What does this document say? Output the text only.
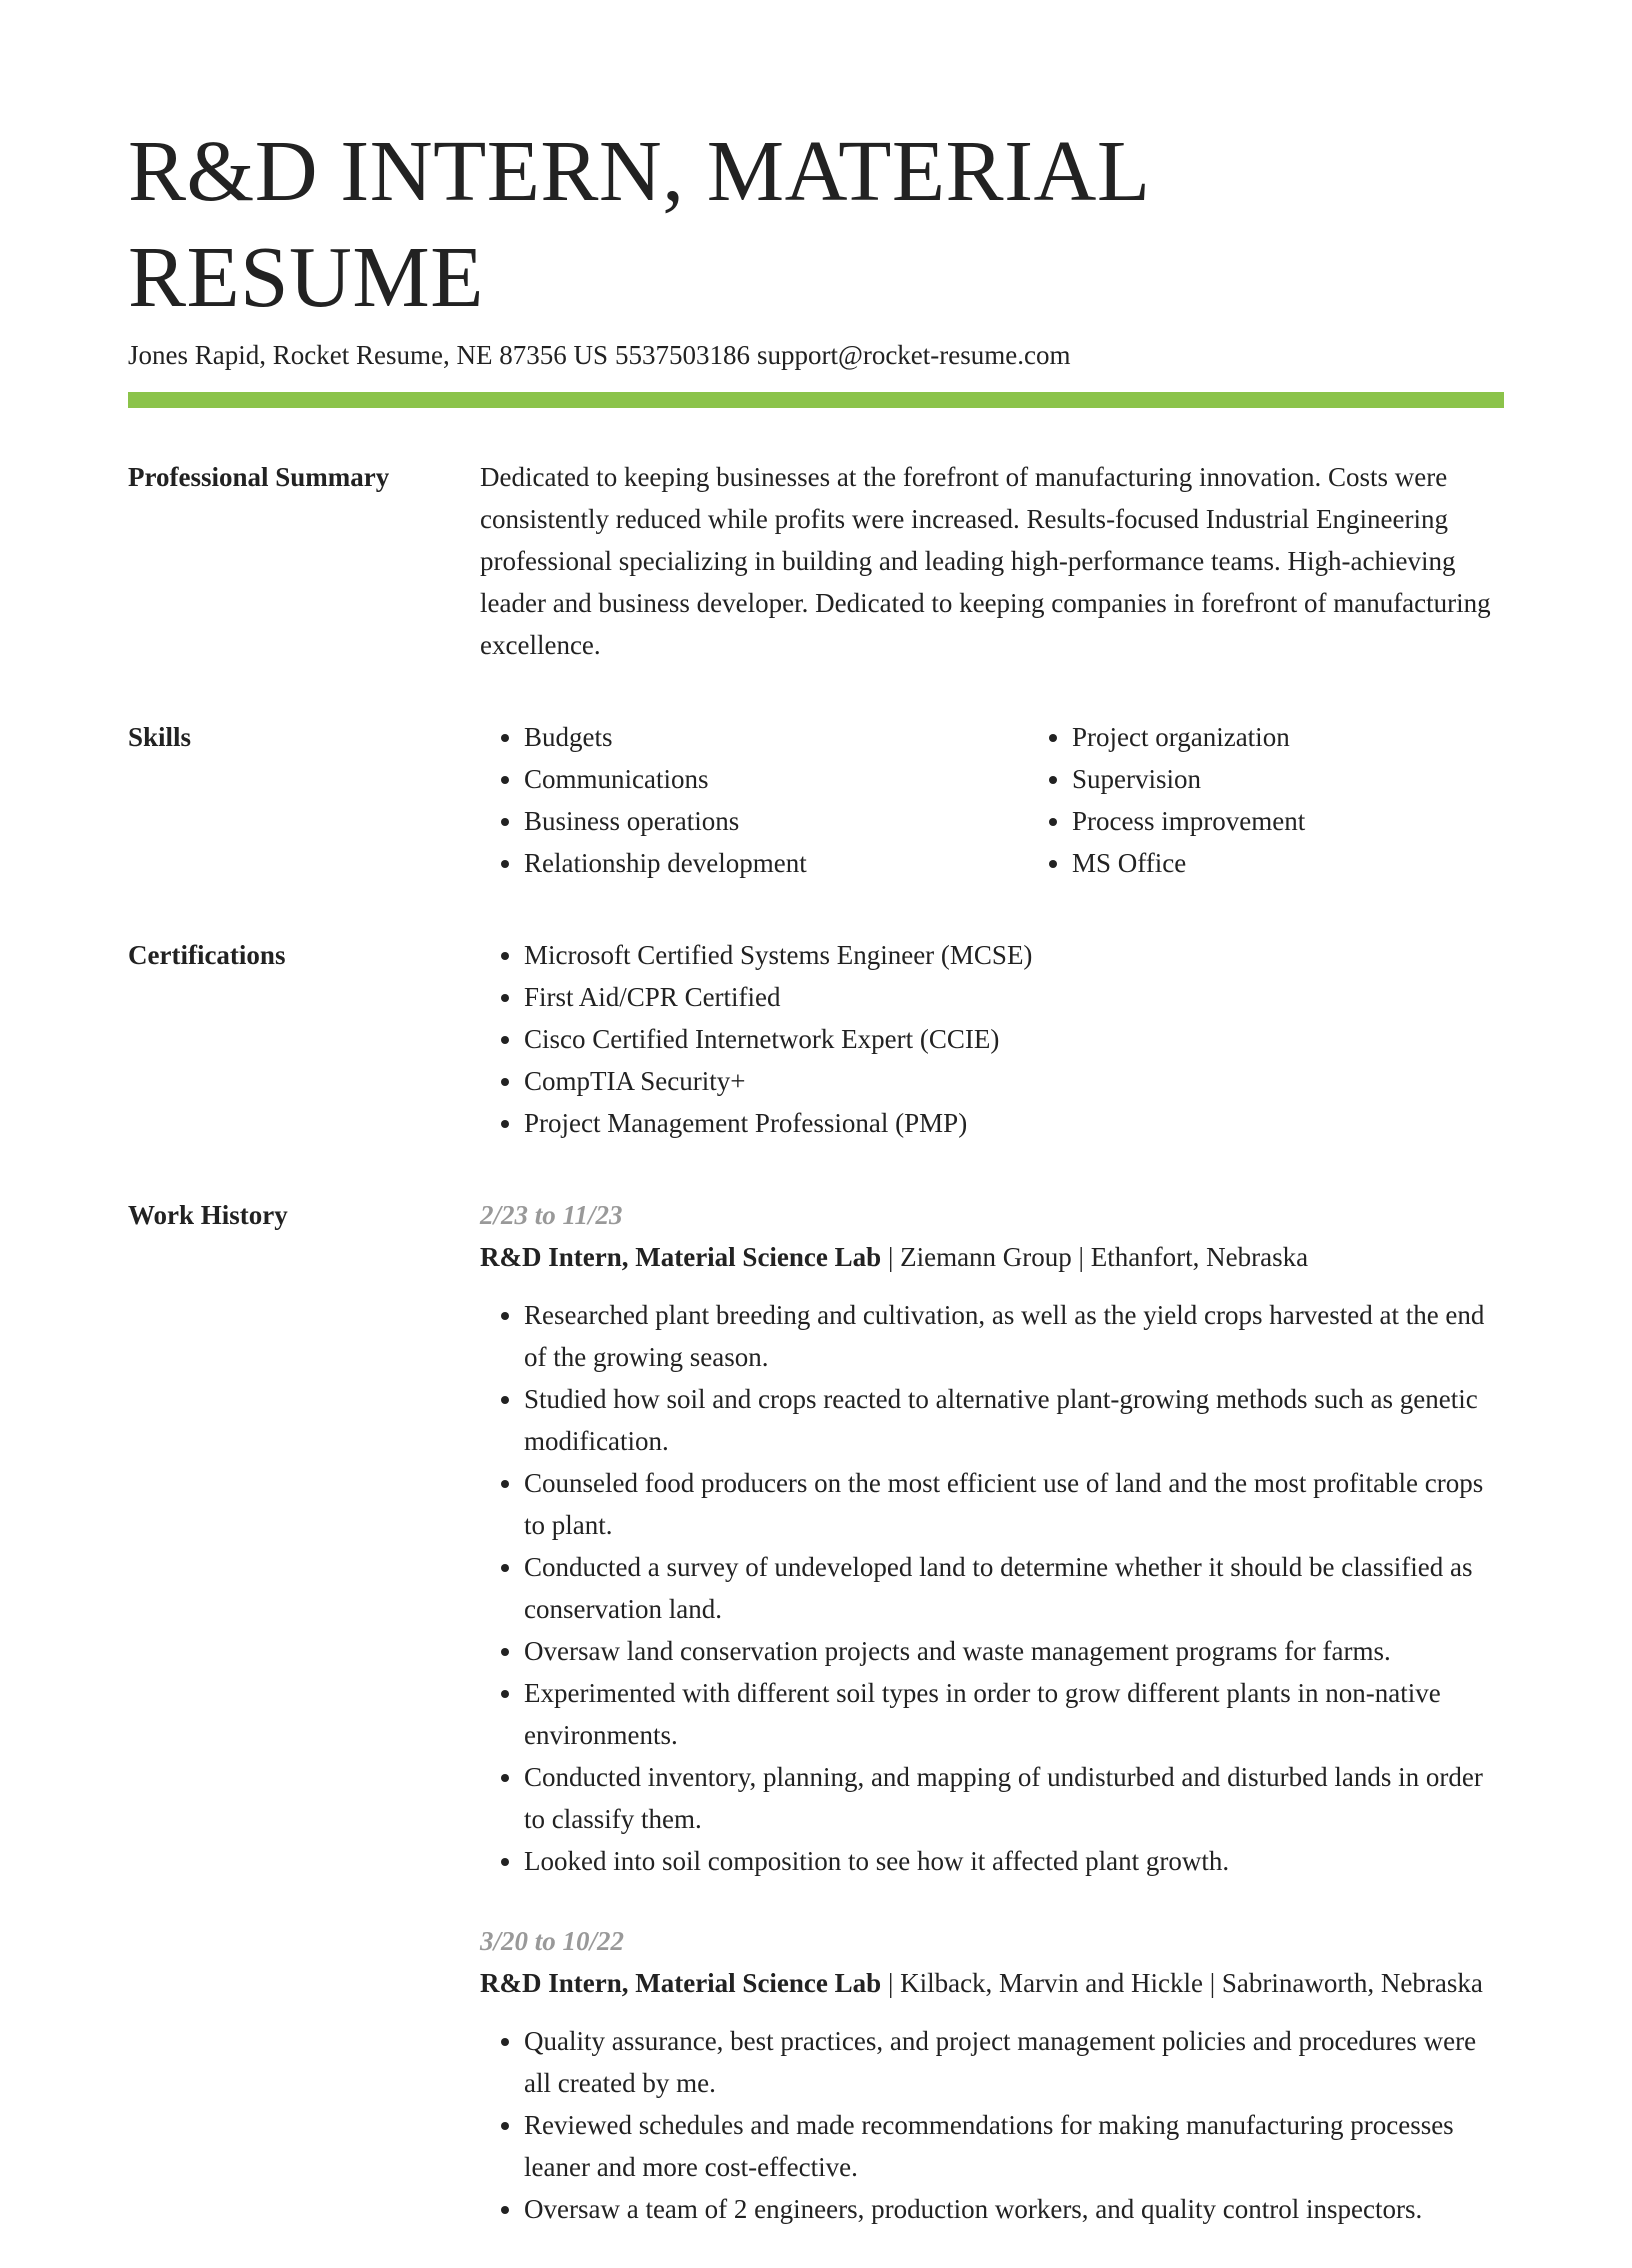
R&D INTERN, MATERIAL RESUME
Jones Rapid, Rocket Resume, NE 87356 US 5537503186 support@rocket-resume.com
Professional Summary	Dedicated to keeping businesses at the forefront of manufacturing innovation. Costs were consistently reduced while profits were increased. Results-focused Industrial Engineering professional specializing in building and leading high-performance teams. High-achieving leader and business developer. Dedicated to keeping companies in forefront of manufacturing excellence.

Skills	• Budgets
• Communications
• Business operations
• Relationship development
• Project organization
• Supervision
• Process improvement
• MS Office
Certifications	• Microsoft Certified Systems Engineer (MCSE)
• First Aid/CPR Certified
• Cisco Certified Internetwork Expert (CCIE)
• CompTIA Security+
• Project Management Professional (PMP)
Work History	2/23 to 11/23
R&D Intern, Material Science Lab | Ziemann Group | Ethanfort, Nebraska
• Researched plant breeding and cultivation, as well as the yield crops harvested at the end of the growing season.
• Studied how soil and crops reacted to alternative plant-growing methods such as genetic modification.
• Counseled food producers on the most efficient use of land and the most profitable crops to plant.
• Conducted a survey of undeveloped land to determine whether it should be classified as conservation land.
• Oversaw land conservation projects and waste management programs for farms.
• Experimented with different soil types in order to grow different plants in non-native environments.
• Conducted inventory, planning, and mapping of undisturbed and disturbed lands in order to classify them.
• Looked into soil composition to see how it affected plant growth.
3/20 to 10/22
R&D Intern, Material Science Lab | Kilback, Marvin and Hickle | Sabrinaworth, Nebraska
• Quality assurance, best practices, and project management policies and procedures were all created by me.
• Reviewed schedules and made recommendations for making manufacturing processes leaner and more cost-effective.
• Oversaw a team of 2 engineers, production workers, and quality control inspectors.
